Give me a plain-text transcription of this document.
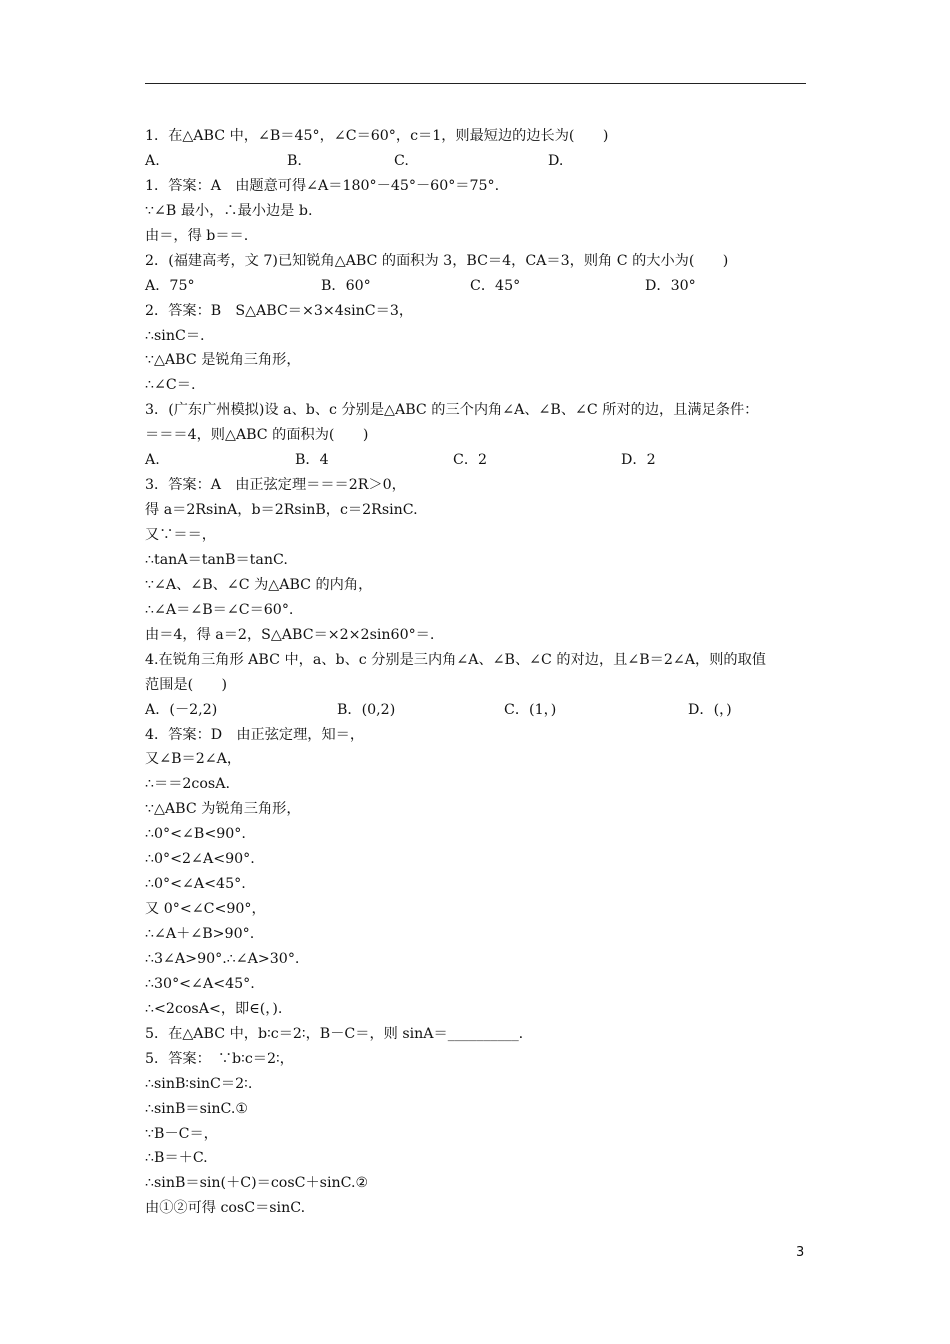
1．在△ABC 中，∠B＝45°，∠C＝60°，c＝1，则最短边的边长为(　　)
A.	B.	C.	D.
1．答案：A　由题意可得∠A＝180°－45°－60°＝75°.
∵∠B 最小，∴最小边是 b.
由＝，得 b＝＝.
2．(福建高考，文 7)已知锐角△ABC 的面积为 3，BC＝4，CA＝3，则角 C 的大小为(　　)
A．75°	B．60°	C．45°	D．30°
2．答案：B　S△ABC＝×3×4sinC＝3，
∴sinC＝.
∵△ABC 是锐角三角形，
∴∠C＝.
3．(广东广州模拟)设 a、b、c 分别是△ABC 的三个内角∠A、∠B、∠C 所对的边，且满足条件：
＝＝＝4，则△ABC 的面积为(　　)
A.	B．4	C．2	D．2
3．答案：A　由正弦定理＝＝＝2R＞0，
得 a＝2RsinA，b＝2RsinB，c＝2RsinC.
又∵＝＝，
∴tanA＝tanB＝tanC.
∵∠A、∠B、∠C 为△ABC 的内角，
∴∠A＝∠B＝∠C＝60°.
由＝4，得 a＝2，S△ABC＝×2×2sin60°＝.
4.在锐角三角形 ABC 中，a、b、c 分别是三内角∠A、∠B、∠C 的对边，且∠B＝2∠A，则的取值
范围是(　　)
A．(－2,2)	B．(0,2)	C．(1，)	D．(，)
4．答案：D　由正弦定理，知＝，
又∠B＝2∠A，
∴＝＝2cosA.
∵△ABC 为锐角三角形，
∴0°<∠B<90°.
∴0°<2∠A<90°.
∴0°<∠A<45°.
又 0°<∠C<90°，
∴∠A＋∠B>90°.
∴3∠A>90°.∴∠A>30°.
∴30°<∠A<45°.
∴<2cosA<，即∈(，).
5．在△ABC 中，b∶c＝2∶，B－C＝，则 sinA＝__________.
5．答案：　∵b∶c＝2∶，
∴sinB∶sinC＝2∶.
∴sinB＝sinC.①
∵B－C＝，
∴B＝＋C.
∴sinB＝sin(＋C)＝cosC＋sinC.②
由①②可得 cosC＝sinC.
3
